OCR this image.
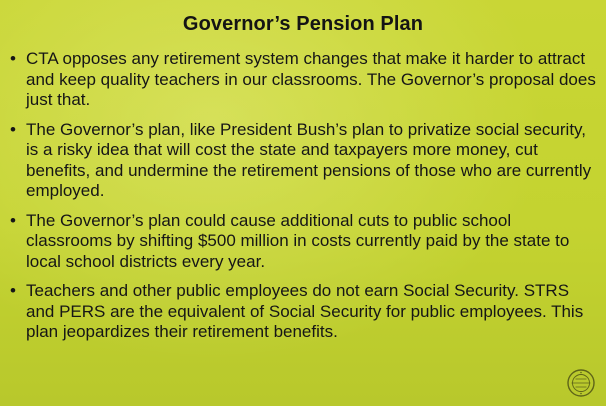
Governor’s Pension Plan
• CTA opposes any retirement system changes that make it harder to attract and keep quality teachers in our classrooms. The Governor’s proposal does just that.
• The Governor’s plan, like President Bush’s plan to privatize social security, is a risky idea that will cost the state and taxpayers more money, cut benefits, and undermine the retirement pensions of those who are currently employed.
• The Governor’s plan could cause additional cuts to public school classrooms by shifting $500 million in costs currently paid by the state to local school districts every year.
• Teachers and other public employees do not earn Social Security. STRS and PERS are the equivalent of Social Security for public employees. This plan jeopardizes their retirement benefits.
